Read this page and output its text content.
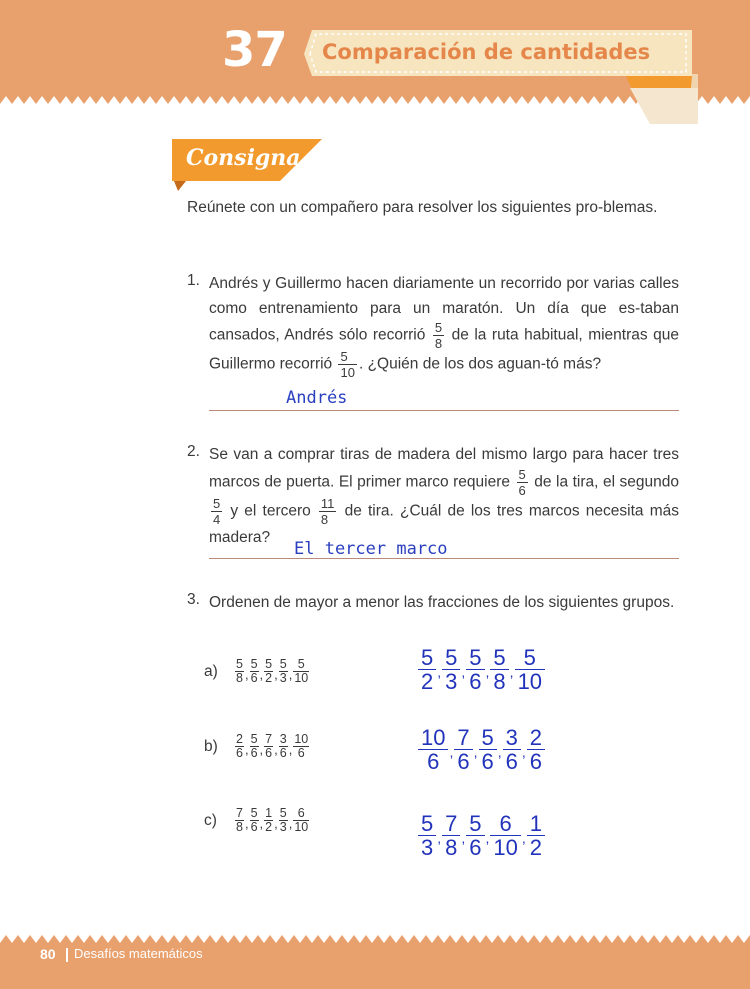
37 Comparación de cantidades
Consigna
Reúnete con un compañero para resolver los siguientes pro-blemas.
1. Andrés y Guillermo hacen diariamente un recorrido por varias calles como entrenamiento para un maratón. Un día que es-taban cansados, Andrés sólo recorrió $\frac{5}{8}$ de la ruta habitual, mientras que Guillermo recorrió $\frac{5}{10}$ . ¿Quién de los dos aguan-tó más?
Andrés
2. Se van a comprar tiras de madera del mismo largo para hacer tres marcos de puerta. El primer marco requiere $\frac{5}{6}$ de la tira, el segundo
$\frac{5}{4}$ y el tercero $\frac{11}{8}$ de tira. ¿Cuál de los tres marcos necesita más madera?
El tercer marco
3. Ordenen de mayor a menor las fracciones de los siguientes grupos.
$a) \frac{5}{8}$ , $\frac{5}{6}$ , $\frac{5}{2}$ , $\frac{5}{3}$ , $\frac{5}{10}$
$b) \frac{2}{6}$ , $\frac{5}{6}$ , $\frac{7}{6}$ , $\frac{3}{6}$ , $\frac{10}{6}$
$c) \frac{7}{8}$ , $\frac{5}{6}$ , $\frac{1}{2}$ , $\frac{5}{3}$ , $\frac{6}{10}$
$\frac{5}{2}$ , $\frac{5}{3}$ , $\frac{5}{6}$ , $\frac{5}{8}$ , $\frac{5}{10}$
$\frac{10}{6}$ , $\frac{7}{6}$ , $\frac{5}{6}$ , $\frac{3}{6}$ , $\frac{2}{6}$
$\frac{5}{3}$ , $\frac{7}{8}$ , $\frac{5}{6}$ , $\frac{6}{10}$ , $\frac{1}{2}$
80 Desafíos matemáticos
